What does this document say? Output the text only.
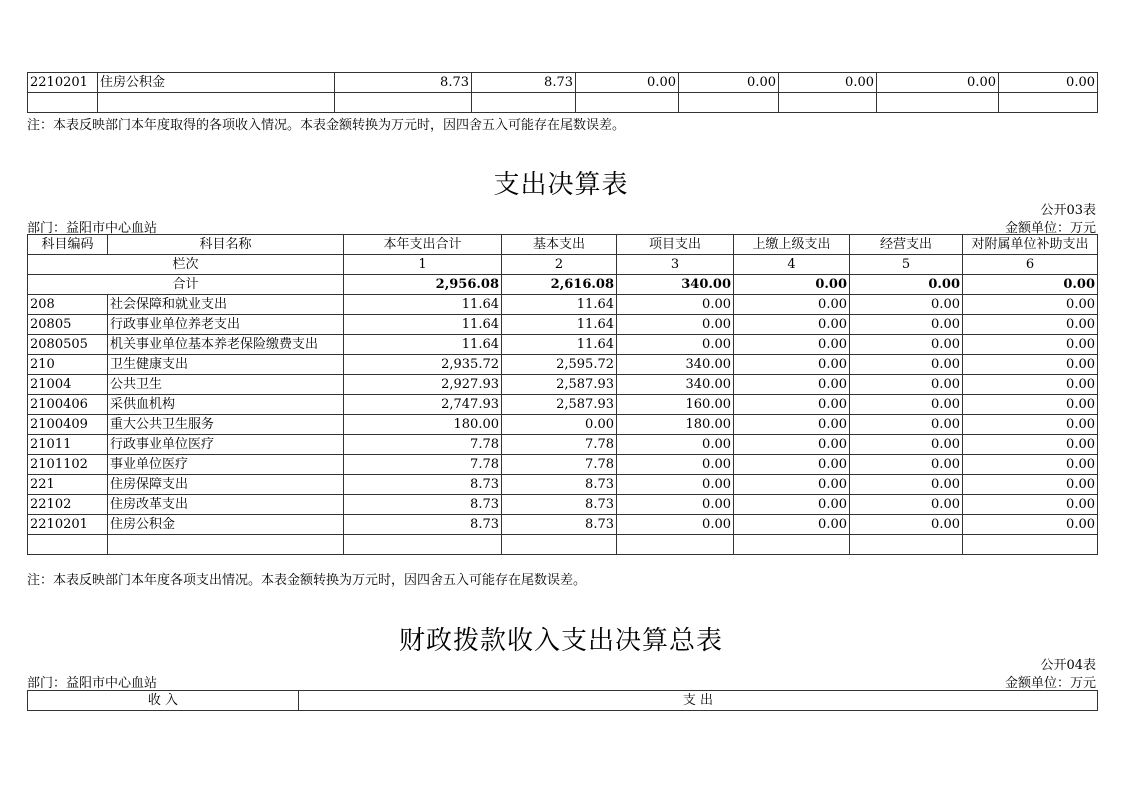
2210201	住房公积金	8.73	8.73	0.00	0.00	0.00	0.00	0.00

注：本表反映部门本年度取得的各项收入情况。本表金额转换为万元时，因四舍五入可能存在尾数误差。
支出决算表
公开03表
部门：益阳市中心血站	金额单位：万元
科目编码	科目名称	本年支出合计	基本支出	项目支出	上缴上级支出	经营支出	对附属单位补助支出
栏次		1	2	3	4	5	6
合计		2,956.08	2,616.08	340.00	0.00	0.00	0.00
208	社会保障和就业支出	11.64	11.64	0.00	0.00	0.00	0.00
20805	行政事业单位养老支出	11.64	11.64	0.00	0.00	0.00	0.00
2080505	机关事业单位基本养老保险缴费支出	11.64	11.64	0.00	0.00	0.00	0.00
210	卫生健康支出	2,935.72	2,595.72	340.00	0.00	0.00	0.00
21004	公共卫生	2,927.93	2,587.93	340.00	0.00	0.00	0.00
2100406	采供血机构	2,747.93	2,587.93	160.00	0.00	0.00	0.00
2100409	重大公共卫生服务	180.00	0.00	180.00	0.00	0.00	0.00
21011	行政事业单位医疗	7.78	7.78	0.00	0.00	0.00	0.00
2101102	事业单位医疗	7.78	7.78	0.00	0.00	0.00	0.00
221	住房保障支出	8.73	8.73	0.00	0.00	0.00	0.00
22102	住房改革支出	8.73	8.73	0.00	0.00	0.00	0.00
2210201	住房公积金	8.73	8.73	0.00	0.00	0.00	0.00

注：本表反映部门本年度各项支出情况。本表金额转换为万元时，因四舍五入可能存在尾数误差。
财政拨款收入支出决算总表
公开04表
部门：益阳市中心血站	金额单位：万元
收 入	支 出
